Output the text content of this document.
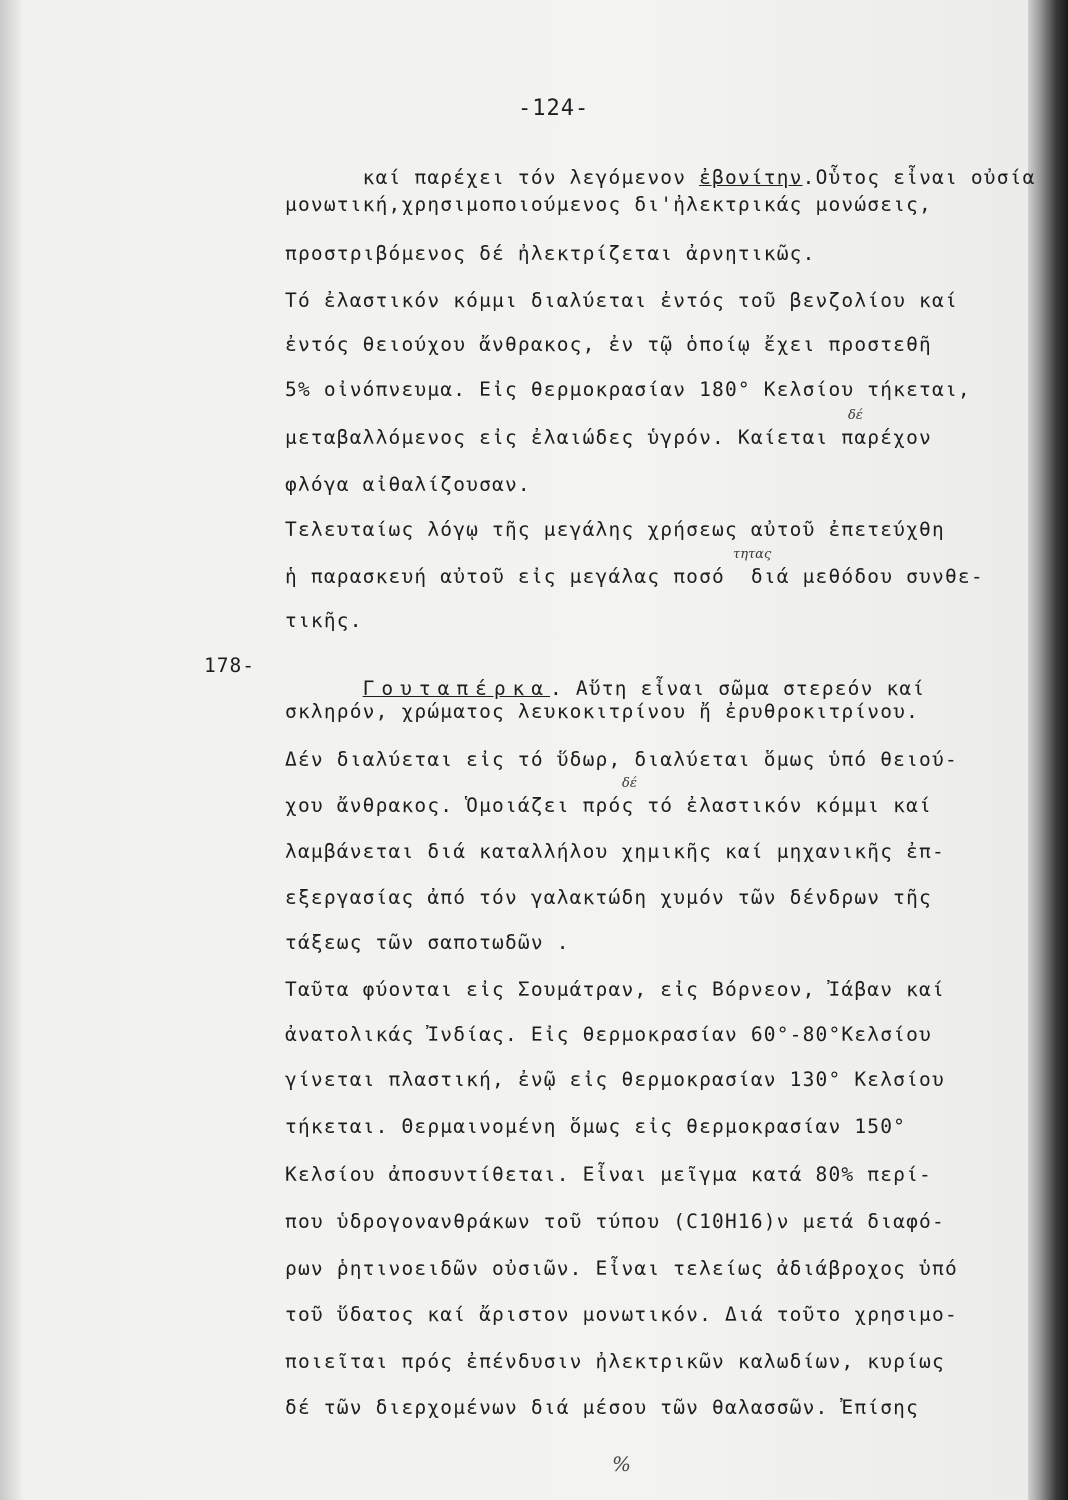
-124-
178-

καί παρέχει τόν λεγόμενον ἐβονίτην.Οὗτος εἶναι οὐσία

μονωτική,χρησιμοποιούμενος δι'ἠλεκτρικάς μονώσεις,
προστριβόμενος δέ ἠλεκτρίζεται ἀρνητικῶς.
Τό ἐλαστικόν κόμμι διαλύεται ἐντός τοῦ βενζολίου καί
ἐντός θειούχου ἄνθρακος, ἐν τῷ ὁποίῳ ἔχει προστεθῆ
5% οἰνόπνευμα. Εἰς θερμοκρασίαν 180° Κελσίου τήκεται,
μεταβαλλόμενος εἰς ἐλαιώδες ὑγρόν. Καίεται παρέχον
φλόγα αἰθαλίζουσαν.
Τελευταίως λόγῳ τῆς μεγάλης χρήσεως αὐτοῦ ἐπετεύχθη
ἡ παρασκευή αὐτοῦ εἰς μεγάλας ποσό  διά μεθόδου συνθε-
τικῆς.

Γουταπέρκα. Αὕτη εἶναι σῶμα στερεόν καί

σκληρόν, χρώματος λευκοκιτρίνου ἤ ἐρυθροκιτρίνου.
Δέν διαλύεται εἰς τό ὕδωρ, διαλύεται ὅμως ὑπό θειού-
χου ἄνθρακος. Ὁμοιάζει πρός τό ἐλαστικόν κόμμι καί
λαμβάνεται διά καταλλήλου χημικῆς καί μηχανικῆς ἐπ-
εξεργασίας ἀπό τόν γαλακτώδη χυμόν τῶν δένδρων τῆς
τάξεως τῶν σαποτωδῶν .
Ταῦτα φύονται εἰς Σουμάτραν, εἰς Βόρνεον, Ἰάβαν καί
ἀνατολικάς Ἰνδίας. Εἰς θερμοκρασίαν 60°-80°Κελσίου
γίνεται πλαστική, ἐνῷ εἰς θερμοκρασίαν 130° Κελσίου
τήκεται. Θερμαινομένη ὅμως εἰς θερμοκρασίαν 150°
Κελσίου ἀποσυντίθεται. Εἶναι μεῖγμα κατά 80% περί-
που ὑδρογονανθράκων τοῦ τύπου (C10H16)ν μετά διαφό-
ρων ῥητινοειδῶν οὐσιῶν. Εἶναι τελείως ἀδιάβροχος ὑπό
τοῦ ὕδατος καί ἄριστον μονωτικόν. Διά τοῦτο χρησιμο-
ποιεῖται πρός ἐπένδυσιν ἠλεκτρικῶν καλωδίων, κυρίως
δέ τῶν διερχομένων διά μέσου τῶν θαλασσῶν. Ἐπίσης
δέ
τητας
δέ
%
